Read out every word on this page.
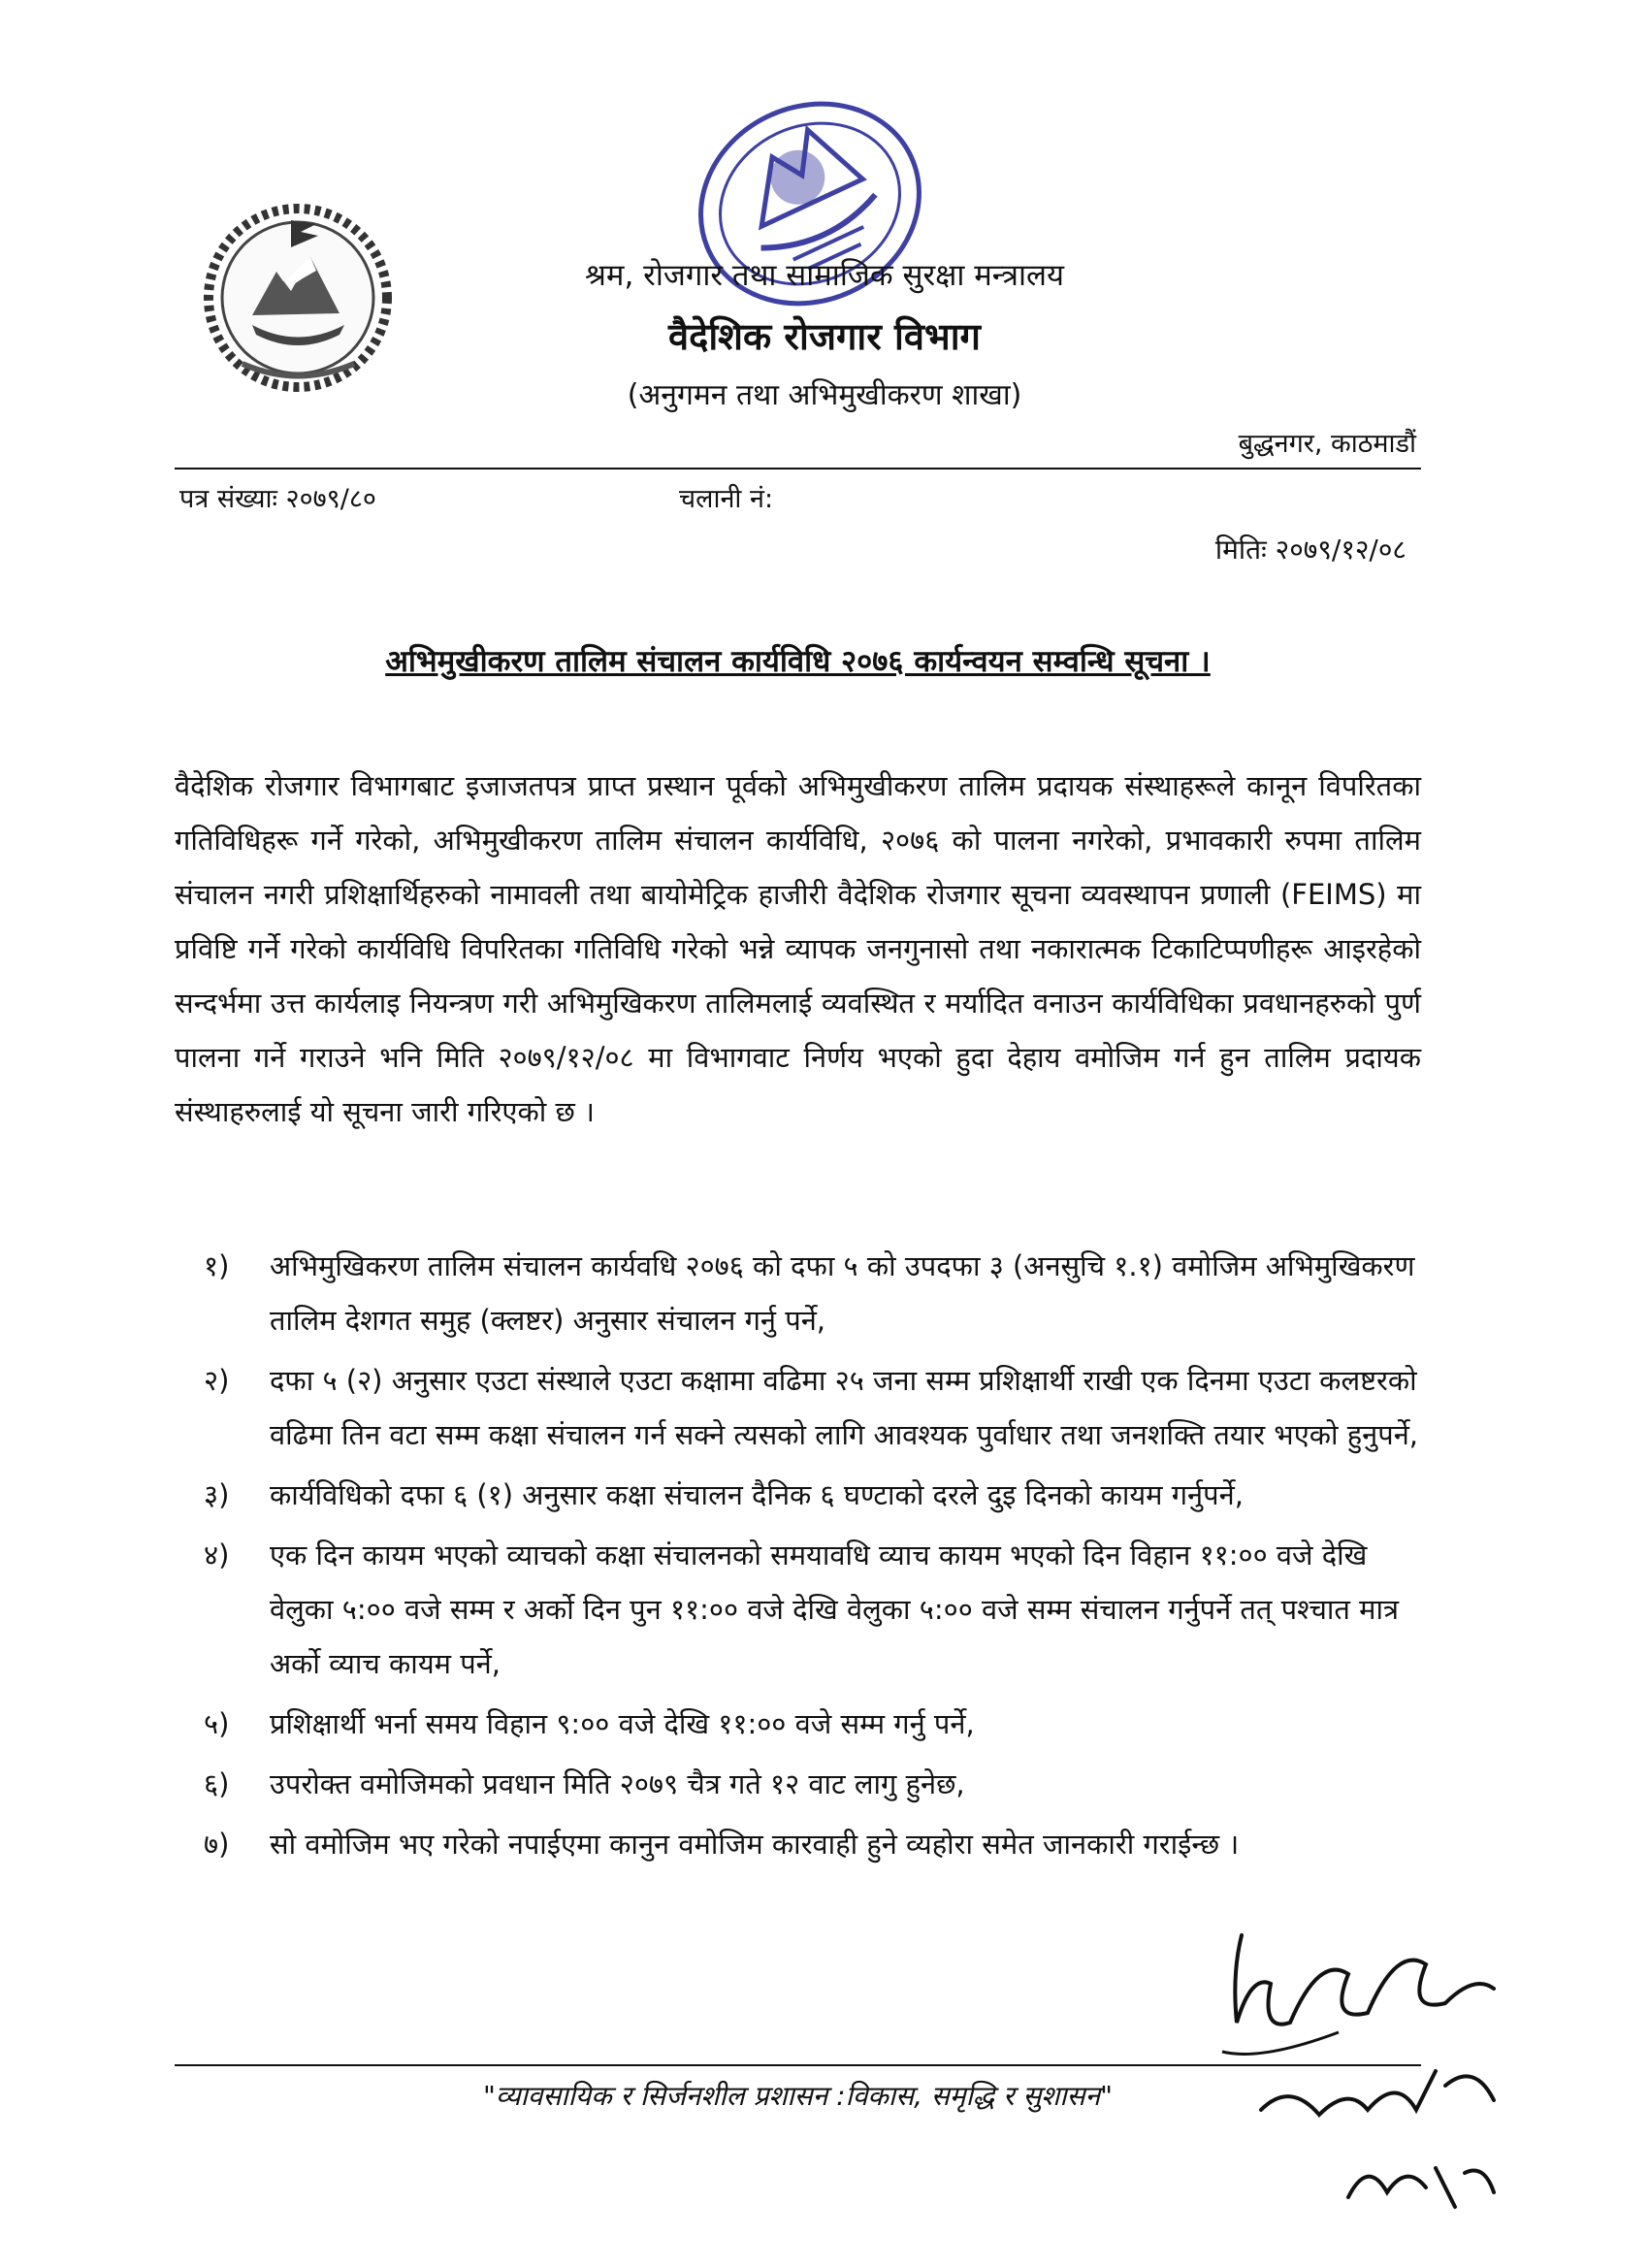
श्रम, रोजगार तथा सामाजिक सुरक्षा मन्त्रालय
वैदेशिक रोजगार विभाग
(अनुगमन तथा अभिमुखीकरण शाखा)
बुद्धनगर, काठमाडौं
पत्र संख्याः २०७९/८०	चलानी नं:
मितिः २०७९/१२/०८
अभिमुखीकरण तालिम संचालन कार्यविधि २०७६ कार्यन्वयन सम्वन्धि सूचना ।

वैदेशिक रोजगार विभागबाट इजाजतपत्र प्राप्त प्रस्थान पूर्वको अभिमुखीकरण तालिम प्रदायक संस्थाहरूले कानून विपरितका गतिविधिहरू गर्ने गरेको, अभिमुखीकरण तालिम संचालन कार्यविधि, २०७६ को पालना नगरेको, प्रभावकारी रुपमा तालिम संचालन नगरी प्रशिक्षार्थिहरुको नामावली तथा बायोमेट्रिक हाजीरी वैदेशिक रोजगार सूचना व्यवस्थापन प्रणाली (FEIMS) मा प्रविष्टि गर्ने गरेको कार्यविधि विपरितका गतिविधि गरेको भन्ने व्यापक जनगुनासो तथा नकारात्मक टिकाटिप्पणीहरू आइरहेको सन्दर्भमा उत्त कार्यलाइ नियन्त्रण गरी अभिमुखिकरण तालिमलाई व्यवस्थित र मर्यादित वनाउन कार्यविधिका प्रवधानहरुको पुर्ण पालना गर्ने गराउने भनि मिति २०७९/१२/०८ मा विभागवाट निर्णय भएको हुदा देहाय वमोजिम गर्न हुन तालिम प्रदायक संस्थाहरुलाई यो सूचना जारी गरिएको छ ।

१)	अभिमुखिकरण तालिम संचालन कार्यवधि २०७६ को दफा ५ को उपदफा ३ (अनसुचि १.१) वमोजिम अभिमुखिकरण तालिम देशगत समुह (क्लष्टर) अनुसार संचालन गर्नु पर्ने,
२)	दफा ५ (२) अनुसार एउटा संस्थाले एउटा कक्षामा वढिमा २५ जना सम्म प्रशिक्षार्थी राखी एक दिनमा एउटा कलष्टरको वढिमा तिन वटा सम्म कक्षा संचालन गर्न सक्ने त्यसको लागि आवश्यक पुर्वाधार तथा जनशक्ति तयार भएको हुनुपर्ने,
३)	कार्यविधिको दफा ६ (१) अनुसार कक्षा संचालन दैनिक ६ घण्टाको दरले दुइ दिनको कायम गर्नुपर्ने,
४)	एक दिन कायम भएको व्याचको कक्षा संचालनको समयावधि व्याच कायम भएको दिन विहान ११:०० वजे देखि वेलुका ५:०० वजे सम्म र अर्को दिन पुन ११:०० वजे देखि वेलुका ५:०० वजे सम्म संचालन गर्नुपर्ने तत् पश्चात मात्र अर्को व्याच कायम पर्ने,
५)	प्रशिक्षार्थी भर्ना समय विहान ९:०० वजे देखि ११:०० वजे सम्म गर्नु पर्ने,
६)	उपरोक्त वमोजिमको प्रवधान मिति २०७९ चैत्र गते १२ वाट लागु हुनेछ,
७)	सो वमोजिम भए गरेको नपाईएमा कानुन वमोजिम कारवाही हुने व्यहोरा समेत जानकारी गराईन्छ ।
"व्यावसायिक र सिर्जनशील प्रशासन :विकास, समृद्धि र सुशासन"
